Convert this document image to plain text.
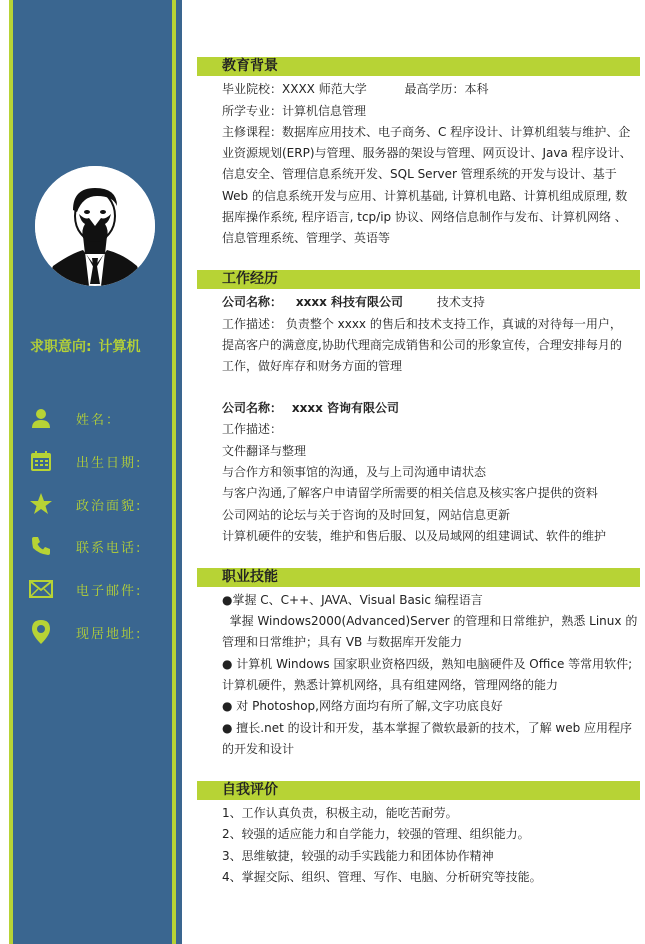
求职意向: 计算机
姓名：
出生日期:
政治面貌:
联系电话:
电子邮件:
现居地址:
教育背景
毕业院校：XXXX 师范大学	最高学历：本科
所学专业：计算机信息管理
主修课程：数据库应用技术、电子商务、C 程序设计、计算机组装与维护、企
业资源规划(ERP)与管理、服务器的架设与管理、网页设计、Java 程序设计、
信息安全、管理信息系统开发、SQL Server 管理系统的开发与设计、基于
Web 的信息系统开发与应用、计算机基础, 计算机电路、计算机组成原理, 数
据库操作系统, 程序语言, tcp/ip 协议、网络信息制作与发布、计算机网络 、
信息管理系统、管理学、英语等
工作经历
公司名称： xxxx 科技有限公司	技术支持
工作描述： 负责整个 xxxx 的售后和技术支持工作，真诚的对待每一用户，
提高客户的满意度,协助代理商完成销售和公司的形象宣传，合理安排每月的
工作，做好库存和财务方面的管理
公司名称： xxxx 咨询有限公司
工作描述：
文件翻译与整理
与合作方和领事馆的沟通，及与上司沟通申请状态
与客户沟通,了解客户申请留学所需要的相关信息及核实客户提供的资料
公司网站的论坛与关于咨询的及时回复，网站信息更新
计算机硬件的安装，维护和售后服、以及局域网的组建调试、软件的维护
职业技能
●掌握 C、C++、JAVA、Visual Basic 编程语言
掌握 Windows2000(Advanced)Server 的管理和日常维护，熟悉 Linux 的
管理和日常维护；具有 VB 与数据库开发能力
● 计算机 Windows 国家职业资格四级，熟知电脑硬件及 Office 等常用软件;
计算机硬件，熟悉计算机网络，具有组建网络，管理网络的能力
● 对 Photoshop,网络方面均有所了解,文字功底良好
● 擅长.net 的设计和开发，基本掌握了微软最新的技术，了解 web 应用程序
的开发和设计
自我评价
1、工作认真负责，积极主动，能吃苦耐劳。
2、较强的适应能力和自学能力，较强的管理、组织能力。
3、思维敏捷，较强的动手实践能力和团体协作精神
4、掌握交际、组织、管理、写作、电脑、分析研究等技能。
